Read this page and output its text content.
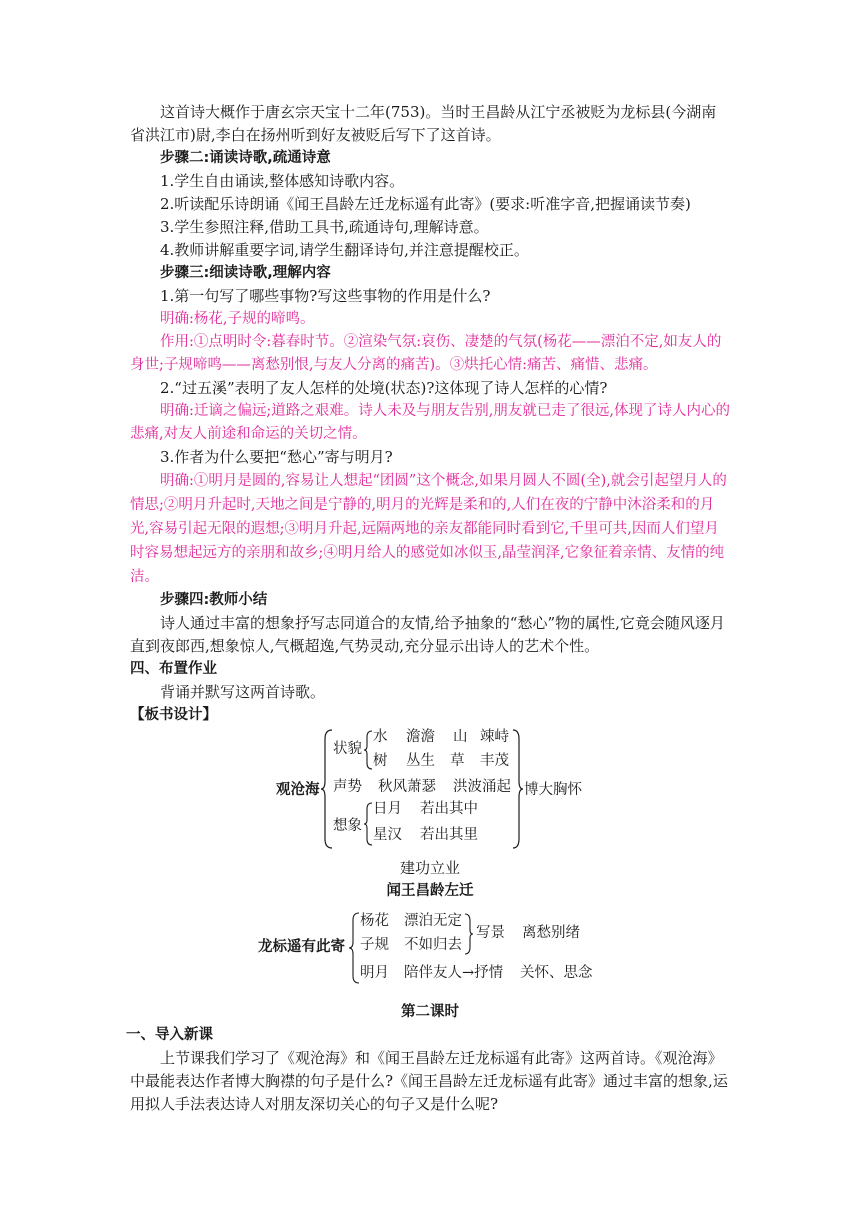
这首诗大概作于唐玄宗天宝十二年(753)。当时王昌龄从江宁丞被贬为龙标县(今湖南省洪江市)尉,李白在扬州听到好友被贬后写下了这首诗。

步骤二:诵读诗歌,疏通诗意

1.学生自由诵读,整体感知诗歌内容。

2.听读配乐诗朗诵《闻王昌龄左迁龙标遥有此寄》(要求:听准字音,把握诵读节奏)

3.学生参照注释,借助工具书,疏通诗句,理解诗意。

4.教师讲解重要字词,请学生翻译诗句,并注意提醒校正。

步骤三:细读诗歌,理解内容

1.第一句写了哪些事物?写这些事物的作用是什么?

明确:杨花,子规的啼鸣。

作用:①点明时令:暮春时节。②渲染气氛:哀伤、凄楚的气氛(杨花——漂泊不定,如友人的身世;子规啼鸣——离愁别恨,与友人分离的痛苦)。③烘托心情:痛苦、痛惜、悲痛。

2.“过五溪”表明了友人怎样的处境(状态)?这体现了诗人怎样的心情?

明确:迁谪之偏远;道路之艰难。诗人未及与朋友告别,朋友就已走了很远,体现了诗人内心的悲痛,对友人前途和命运的关切之情。

3.作者为什么要把“愁心”寄与明月?

明确:①明月是圆的,容易让人想起“团圆”这个概念,如果月圆人不圆(全),就会引起望月人的情思;②明月升起时,天地之间是宁静的,明月的光辉是柔和的,人们在夜的宁静中沐浴柔和的月光,容易引起无限的遐想;③明月升起,远隔两地的亲友都能同时看到它,千里可共,因而人们望月时容易想起远方的亲朋和故乡;④明月给人的感觉如冰似玉,晶莹润泽,它象征着亲情、友情的纯洁。

步骤四:教师小结

诗人通过丰富的想象抒写志同道合的友情,给予抽象的“愁心”物的属性,它竟会随风逐月直到夜郎西,想象惊人,气概超逸,气势灵动,充分显示出诗人的艺术个性。

四、布置作业

背诵并默写这两首诗歌。

【板书设计】

观沧海
状貌
水 澹澹 山 竦峙
树 丛生 草 丰茂
声势 秋风萧瑟 洪波涌起
想象
日月 若出其中
星汉 若出其里
博大胸怀

建功立业

闻王昌龄左迁

龙标遥有此寄
杨花 漂泊无定
子规 不如归去
写景 离愁别绪
明月 陪伴友人→抒情 关怀、思念

第二课时

一、导入新课

上节课我们学习了《观沧海》和《闻王昌龄左迁龙标遥有此寄》这两首诗。《观沧海》中最能表达作者博大胸襟的句子是什么?《闻王昌龄左迁龙标遥有此寄》通过丰富的想象,运用拟人手法表达诗人对朋友深切关心的句子又是什么呢?
